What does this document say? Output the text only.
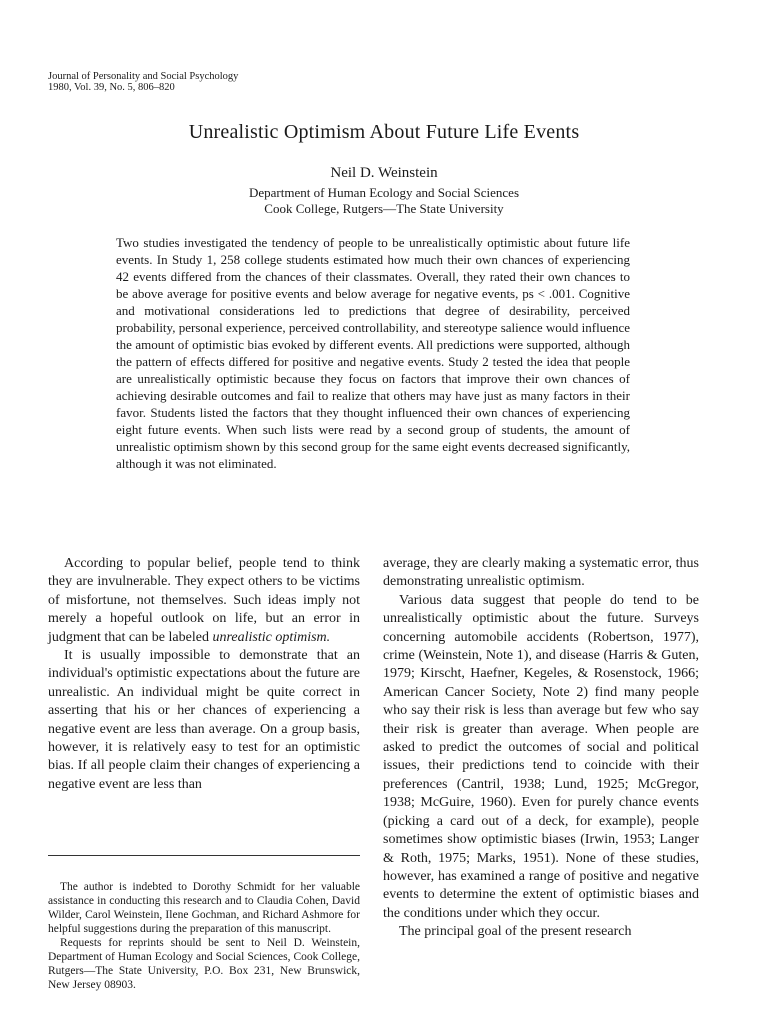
Journal of Personality and Social Psychology
1980, Vol. 39, No. 5, 806–820
Unrealistic Optimism About Future Life Events
Neil D. Weinstein
Department of Human Ecology and Social Sciences
Cook College, Rutgers—The State University
Two studies investigated the tendency of people to be unrealistically optimistic about future life events. In Study 1, 258 college students estimated how much their own chances of experiencing 42 events differed from the chances of their classmates. Overall, they rated their own chances to be above average for positive events and below average for negative events, ps < .001. Cognitive and motivational considerations led to predictions that degree of desirability, perceived probability, personal experience, perceived controllability, and stereotype salience would influence the amount of optimistic bias evoked by different events. All predictions were supported, although the pattern of effects differed for positive and negative events. Study 2 tested the idea that people are unrealistically optimistic because they focus on factors that improve their own chances of achieving desirable outcomes and fail to realize that others may have just as many factors in their favor. Students listed the factors that they thought influenced their own chances of experiencing eight future events. When such lists were read by a second group of students, the amount of unrealistic optimism shown by this second group for the same eight events decreased significantly, although it was not eliminated.

According to popular belief, people tend to think they are invulnerable. They expect others to be victims of misfortune, not themselves. Such ideas imply not merely a hopeful outlook on life, but an error in judgment that can be labeled unrealistic optimism.

It is usually impossible to demonstrate that an individual's optimistic expectations about the future are unrealistic. An individual might be quite correct in asserting that his or her chances of experiencing a negative event are less than average. On a group basis, however, it is relatively easy to test for an optimistic bias. If all people claim their changes of experiencing a negative event are less than

average, they are clearly making a systematic error, thus demonstrating unrealistic optimism.

Various data suggest that people do tend to be unrealistically optimistic about the future. Surveys concerning automobile accidents (Robertson, 1977), crime (Weinstein, Note 1), and disease (Harris & Guten, 1979; Kirscht, Haefner, Kegeles, & Rosenstock, 1966; American Cancer Society, Note 2) find many people who say their risk is less than average but few who say their risk is greater than average. When people are asked to predict the outcomes of social and political issues, their predictions tend to coincide with their preferences (Cantril, 1938; Lund, 1925; McGregor, 1938; McGuire, 1960). Even for purely chance events (picking a card out of a deck, for example), people sometimes show optimistic biases (Irwin, 1953; Langer & Roth, 1975; Marks, 1951). None of these studies, however, has examined a range of positive and negative events to determine the extent of optimistic biases and the conditions under which they occur.

The principal goal of the present research

The author is indebted to Dorothy Schmidt for her valuable assistance in conducting this research and to Claudia Cohen, David Wilder, Carol Weinstein, Ilene Gochman, and Richard Ashmore for helpful suggestions during the preparation of this manuscript.

Requests for reprints should be sent to Neil D. Weinstein, Department of Human Ecology and Social Sciences, Cook College, Rutgers—The State University, P.O. Box 231, New Brunswick, New Jersey 08903.
